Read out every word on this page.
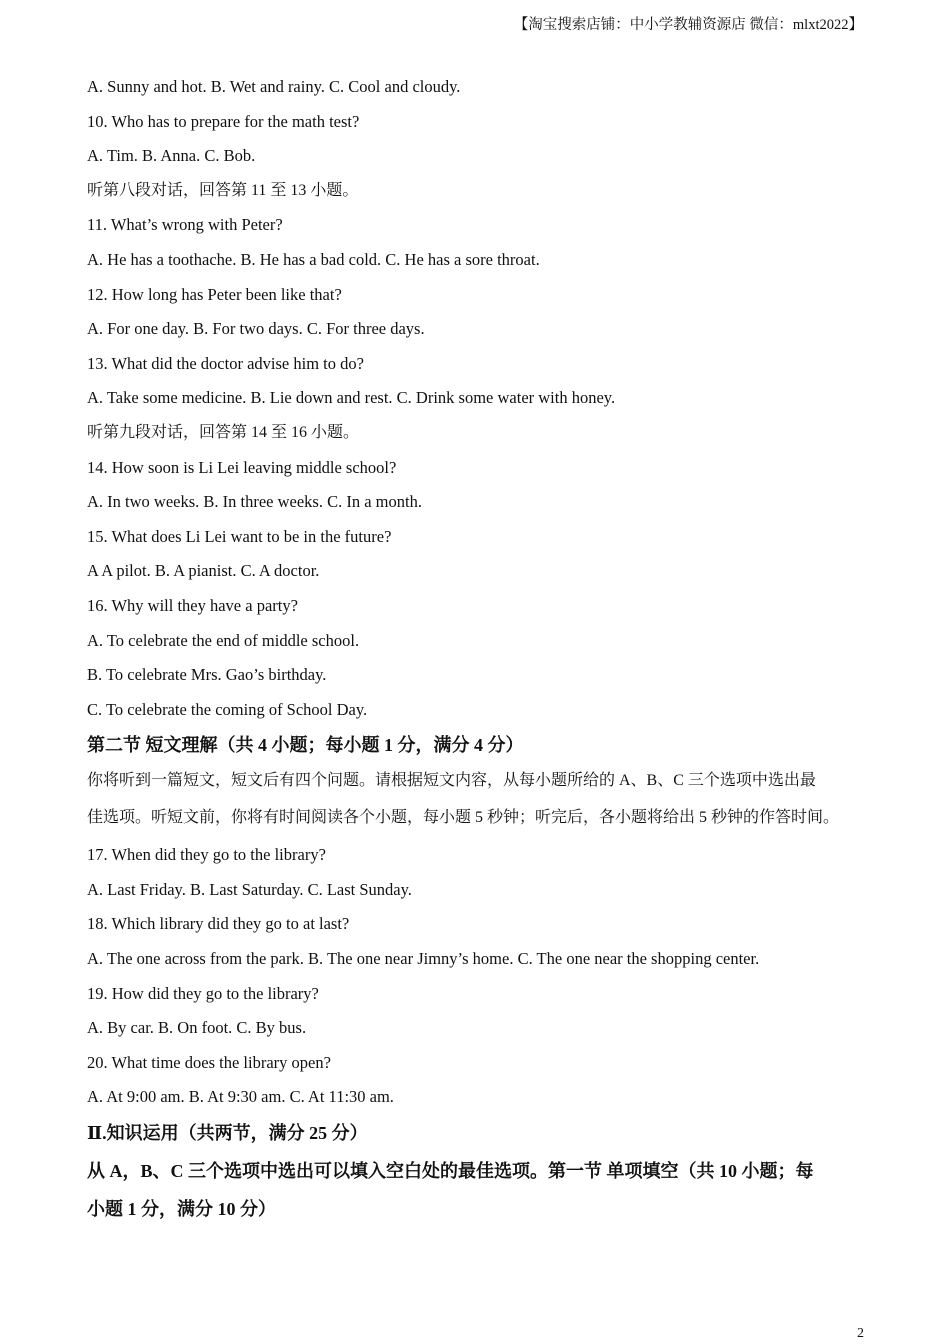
【淘宝搜索店铺：中小学教辅资源店 微信：mlxt2022】
A. Sunny and hot. B. Wet and rainy. C. Cool and cloudy.
10. Who has to prepare for the math test?
A. Tim. B. Anna. C. Bob.
听第八段对话，回答第 11 至 13 小题。
11. What’s wrong with Peter?
A. He has a toothache. B. He has a bad cold. C. He has a sore throat.
12. How long has Peter been like that?
A. For one day. B. For two days. C. For three days.
13. What did the doctor advise him to do?
A. Take some medicine. B. Lie down and rest. C. Drink some water with honey.
听第九段对话，回答第 14 至 16 小题。
14. How soon is Li Lei leaving middle school?
A. In two weeks. B. In three weeks. C. In a month.
15. What does Li Lei want to be in the future?
A A pilot. B. A pianist. C. A doctor.
16. Why will they have a party?
A. To celebrate the end of middle school.
B. To celebrate Mrs. Gao’s birthday.
C. To celebrate the coming of School Day.
第二节 短文理解（共 4 小题；每小题 1 分，满分 4 分）
你将听到一篇短文，短文后有四个问题。请根据短文内容，从每小题所给的 A、B、C 三个选项中选出最
佳选项。听短文前，你将有时间阅读各个小题，每小题 5 秒钟；听完后，各小题将给出 5 秒钟的作答时间。
17. When did they go to the library?
A. Last Friday. B. Last Saturday. C. Last Sunday.
18. Which library did they go to at last?
A. The one across from the park. B. The one near Jimny’s home. C. The one near the shopping center.
19. How did they go to the library?
A. By car. B. On foot. C. By bus.
20. What time does the library open?
A. At 9:00 am. B. At 9:30 am. C. At 11:30 am.
Ⅱ.知识运用（共两节，满分 25 分）
从 A，B、C 三个选项中选出可以填入空白处的最佳选项。第一节 单项填空（共 10 小题；每
小题 1 分，满分 10 分）
2
